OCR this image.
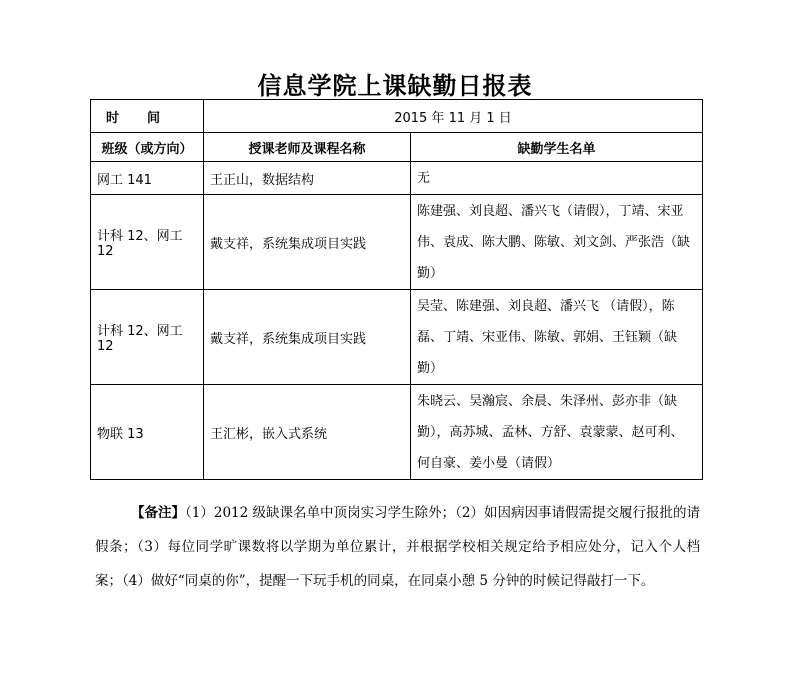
信息学院上课缺勤日报表
时间	2015 年 11 月 1 日	
班级（或方向）	授课老师及课程名称	缺勤学生名单
网工 141	王正山，数据结构	无
计科 12、网工 12	戴支祥，系统集成项目实践	陈建强、刘良超、潘兴飞（请假），丁靖、宋亚伟、袁成、陈大鹏、陈敏、刘文剑、严张浩（缺勤）
计科 12、网工 12	戴支祥，系统集成项目实践	吴莹、陈建强、刘良超、潘兴飞 （请假），陈磊、丁靖、宋亚伟、陈敏、郭娟、王钰颖（缺勤）
物联 13	王汇彬，嵌入式系统	朱晓云、吴瀚宸、余晨、朱泽州、彭亦非（缺勤），高苏城、孟林、方舒、袁蒙蒙、赵可利、何自豪、姜小曼（请假）
【备注】（1）2012 级缺课名单中顶岗实习学生除外；（2）如因病因事请假需提交履行报批的请假条；（3）每位同学旷课数将以学期为单位累计，并根据学校相关规定给予相应处分，记入个人档案；（4）做好“同桌的你”，提醒一下玩手机的同桌，在同桌小憩 5 分钟的时候记得敲打一下。
